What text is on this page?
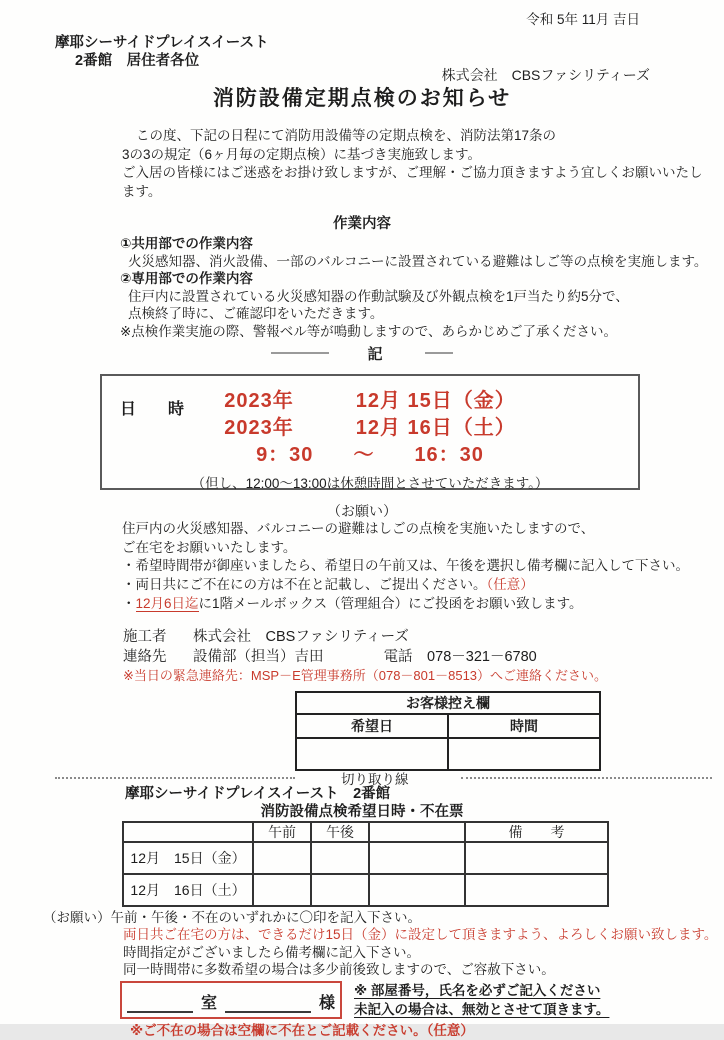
令和 5年 11月 吉日
摩耶シーサイドプレイスイースト
2番館　居住者各位
株式会社　CBSファシリティーズ
消防設備定期点検のお知らせ
この度、下記の日程にて消防用設備等の定期点検を、消防法第17条の
3の3の規定（6ヶ月毎の定期点検）に基づき実施致します。
ご入居の皆様にはご迷惑をお掛け致しますが、ご理解・ご協力頂きますよう宜しくお願いいたします。
作業内容
①共用部での作業内容
火災感知器、消火設備、一部のバルコニーに設置されている避難はしご等の点検を実施します。
②専用部での作業内容
住戸内に設置されている火災感知器の作動試験及び外観点検を1戸当たり約5分で、
点検終了時に、ご確認印をいただきます。
※点検作業実施の際、警報ベル等が鳴動しますので、あらかじめご了承ください。
記
日　時 2023年	12月 15日（金）
2023年	12月 16日（土）
9：30 ～ 16：30
（但し、12:00～13:00は休憩時間とさせていただきます。）
（お願い）
住戸内の火災感知器、バルコニーの避難はしごの点検を実施いたしますので、
ご在宅をお願いいたします。
・希望時間帯が御座いましたら、希望日の午前又は、午後を選択し備考欄に記入して下さい。
・両日共にご不在にの方は不在と記載し、ご提出ください。（任意）
・12月6日迄に1階メールボックス（管理組合）にご投函をお願い致します。
施工者 株式会社　CBSファシリティーズ
連絡先 設備部（担当）吉田	電話　078－321－6780
※当日の緊急連絡先：MSP－E管理事務所（078－801－8513）へご連絡ください。
お客様控え欄	
希望日	時間

切り取り線
摩耶シーサイドプレイスイースト　2番館
消防設備点検希望日時・不在票
	午前	午後		備　　考
12月　15日（金）				
12月　16日（土）				
（お願い）午前・午後・不在のいずれかに〇印を記入下さい。
両日共ご在宅の方は、できるだけ15日（金）に設定して頂きますよう、よろしくお願い致します。
時間指定がございましたら備考欄に記入下さい。
同一時間帯に多数希望の場合は多少前後致しますので、ご容赦下さい。
室	様
※ 部屋番号，氏名を必ずご記入ください
未記入の場合は、無効とさせて頂きます。
※ご不在の場合は空欄に不在とご記載ください。（任意）
